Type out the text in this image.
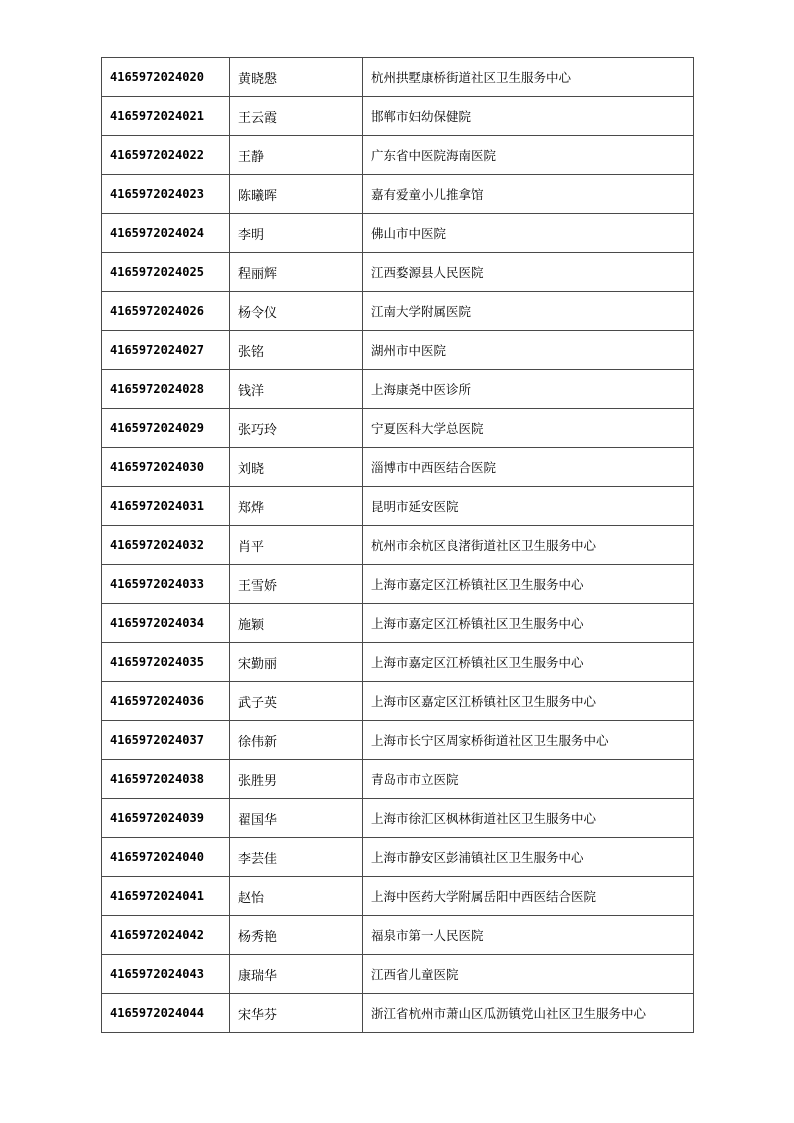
4165972024020	黄晓慇	杭州拱墅康桥街道社区卫生服务中心
4165972024021	王云霞	邯郸市妇幼保健院
4165972024022	王静	广东省中医院海南医院
4165972024023	陈曦晖	嘉有爱童小儿推拿馆
4165972024024	李明	佛山市中医院
4165972024025	程丽辉	江西婺源县人民医院
4165972024026	杨令仪	江南大学附属医院
4165972024027	张铭	湖州市中医院
4165972024028	钱洋	上海康尧中医诊所
4165972024029	张巧玲	宁夏医科大学总医院
4165972024030	刘晓	淄博市中西医结合医院
4165972024031	郑烨	昆明市延安医院
4165972024032	肖平	杭州市余杭区良渚街道社区卫生服务中心
4165972024033	王雪娇	上海市嘉定区江桥镇社区卫生服务中心
4165972024034	施颖	上海市嘉定区江桥镇社区卫生服务中心
4165972024035	宋勤丽	上海市嘉定区江桥镇社区卫生服务中心
4165972024036	武子英	上海市区嘉定区江桥镇社区卫生服务中心
4165972024037	徐伟新	上海市长宁区周家桥街道社区卫生服务中心
4165972024038	张胜男	青岛市市立医院
4165972024039	翟国华	上海市徐汇区枫林街道社区卫生服务中心
4165972024040	李芸佳	上海市静安区彭浦镇社区卫生服务中心
4165972024041	赵怡	上海中医药大学附属岳阳中西医结合医院
4165972024042	杨秀艳	福泉市第一人民医院
4165972024043	康瑞华	江西省儿童医院
4165972024044	宋华芬	浙江省杭州市萧山区瓜沥镇党山社区卫生服务中心
